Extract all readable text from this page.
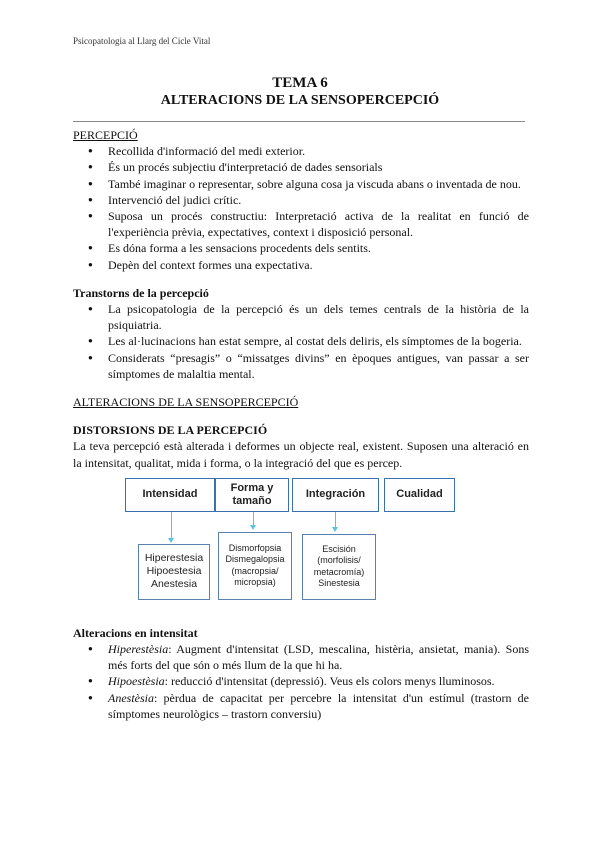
Psicopatologia al Llarg del Cicle Vital
TEMA 6
ALTERACIONS DE LA SENSOPERCEPCIÓ
PERCEPCIÓ
● Recollida d'informació del medi exterior.
● És un procés subjectiu d'interpretació de dades sensorials
● També imaginar o representar, sobre alguna cosa ja viscuda abans o inventada de nou.
● Intervenció del judici crític.
● Suposa un procés constructiu: Interpretació activa de la realitat en funció de l'experiència prèvia, expectatives, context i disposició personal.
● Es dóna forma a les sensacions procedents dels sentits.
● Depèn del context formes una expectativa.
Transtorns de la percepció
● La psicopatologia de la percepció és un dels temes centrals de la història de la psiquiatria.
● Les al·lucinacions han estat sempre, al costat dels deliris, els símptomes de la bogeria.
● Considerats “presagis” o “missatges divins” en èpoques antigues, van passar a ser símptomes de malaltia mental.
ALTERACIONS DE LA SENSOPERCEPCIÓ
DISTORSIONS DE LA PERCEPCIÓ
La teva percepció està alterada i deformes un objecte real, existent. Suposen una alteració en la intensitat, qualitat, mida i forma, o la integració del que es percep.
Intensidad
Forma y tamaño
Integración	Cualidad
Hiperestesia
Hipoestesia
Anestesia
Dismorfopsia
Dismegalopsia
(macropsia/
micropsia)
Escisión
(morfolisis/
metacromía)
Sinestesia
Alteracions en intensitat
● Hiperestèsia: Augment d'intensitat (LSD, mescalina, histèria, ansietat, mania). Sons més forts del que són o més llum de la que hi ha.
● Hipoestèsia: reducció d'intensitat (depressió). Veus els colors menys lluminosos.
● Anestèsia: pèrdua de capacitat per percebre la intensitat d'un estímul (trastorn de símptomes neurològics – trastorn conversiu)
